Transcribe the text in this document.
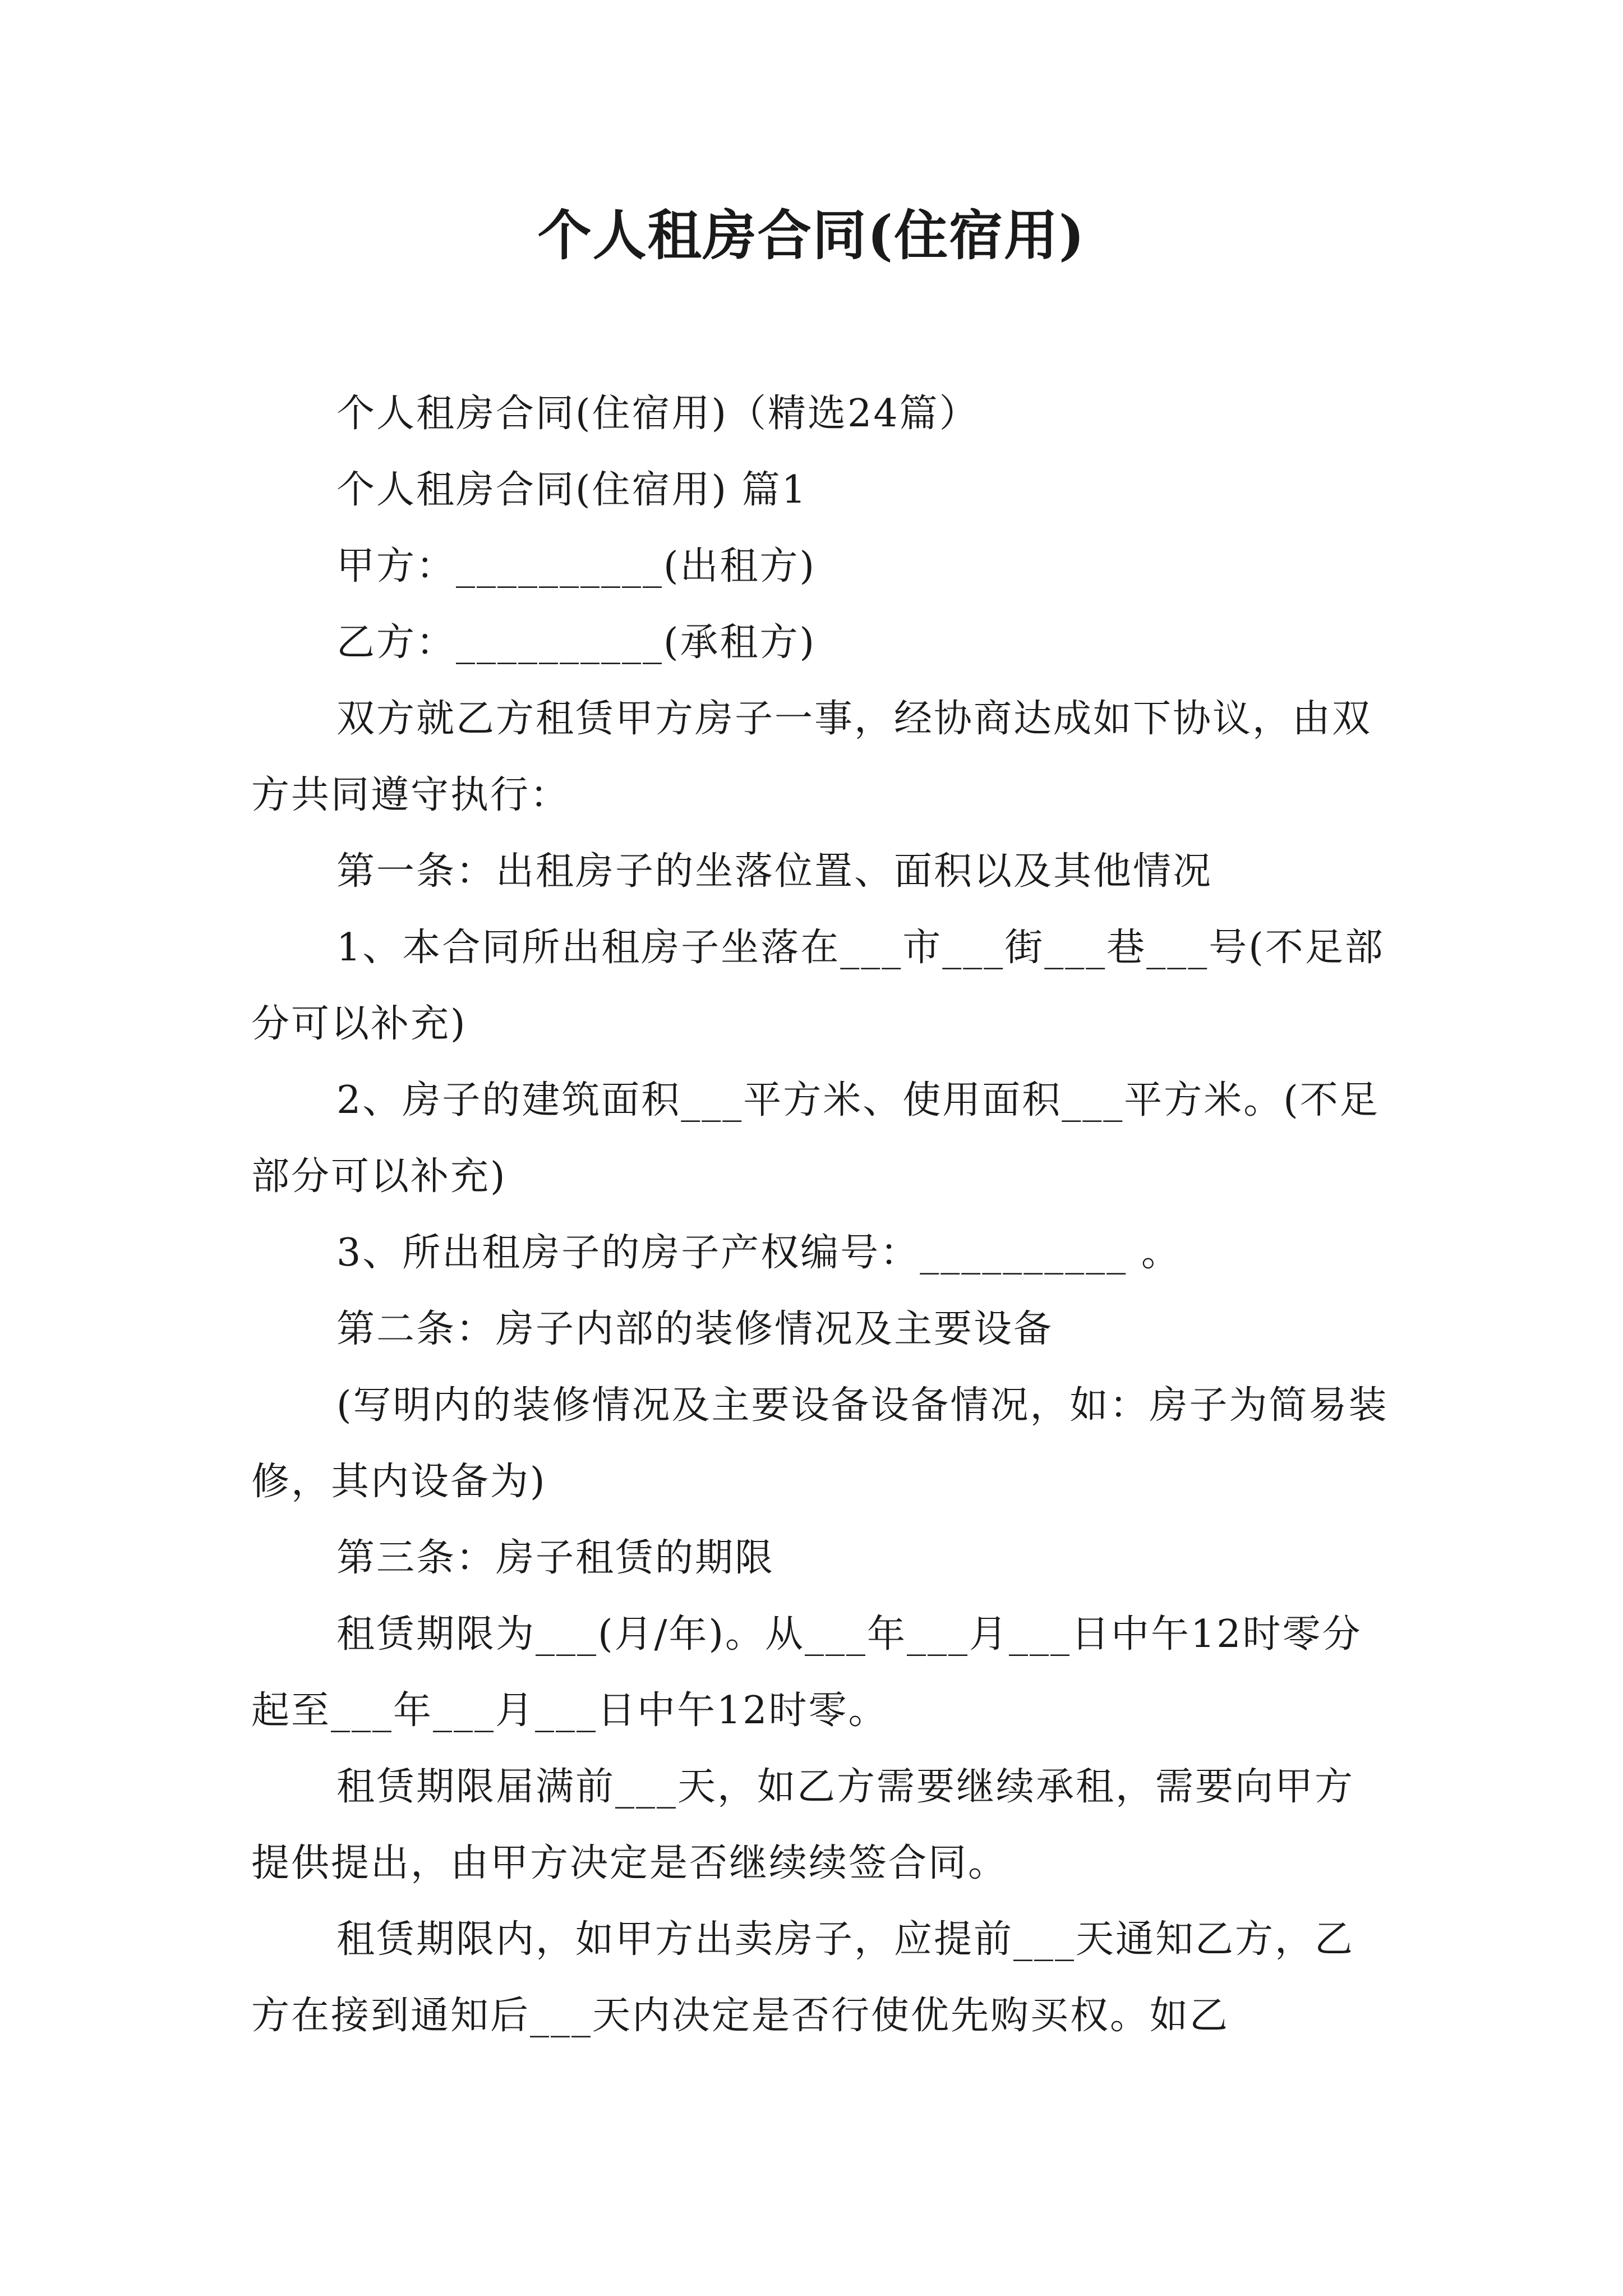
个人租房合同(住宿用)

个人租房合同(住宿用)（精选24篇）

个人租房合同(住宿用) 篇1

甲方：__________(出租方)

乙方：__________(承租方)

双方就乙方租赁甲方房子一事，经协商达成如下协议，由双方共同遵守执行：

第一条：出租房子的坐落位置、面积以及其他情况

1、本合同所出租房子坐落在___市___街___巷___号(不足部分可以补充)

2、房子的建筑面积___平方米、使用面积___平方米。(不足部分可以补充)

3、所出租房子的房子产权编号：__________ 。

第二条：房子内部的装修情况及主要设备

(写明内的装修情况及主要设备设备情况，如：房子为简易装修，其内设备为)

第三条：房子租赁的期限

租赁期限为___(月/年)。从___年___月___日中午12时零分起至___年___月___日中午12时零。

租赁期限届满前___天，如乙方需要继续承租，需要向甲方提供提出，由甲方决定是否继续续签合同。

租赁期限内，如甲方出卖房子，应提前___天通知乙方，乙方在接到通知后___天内决定是否行使优先购买权。如乙
